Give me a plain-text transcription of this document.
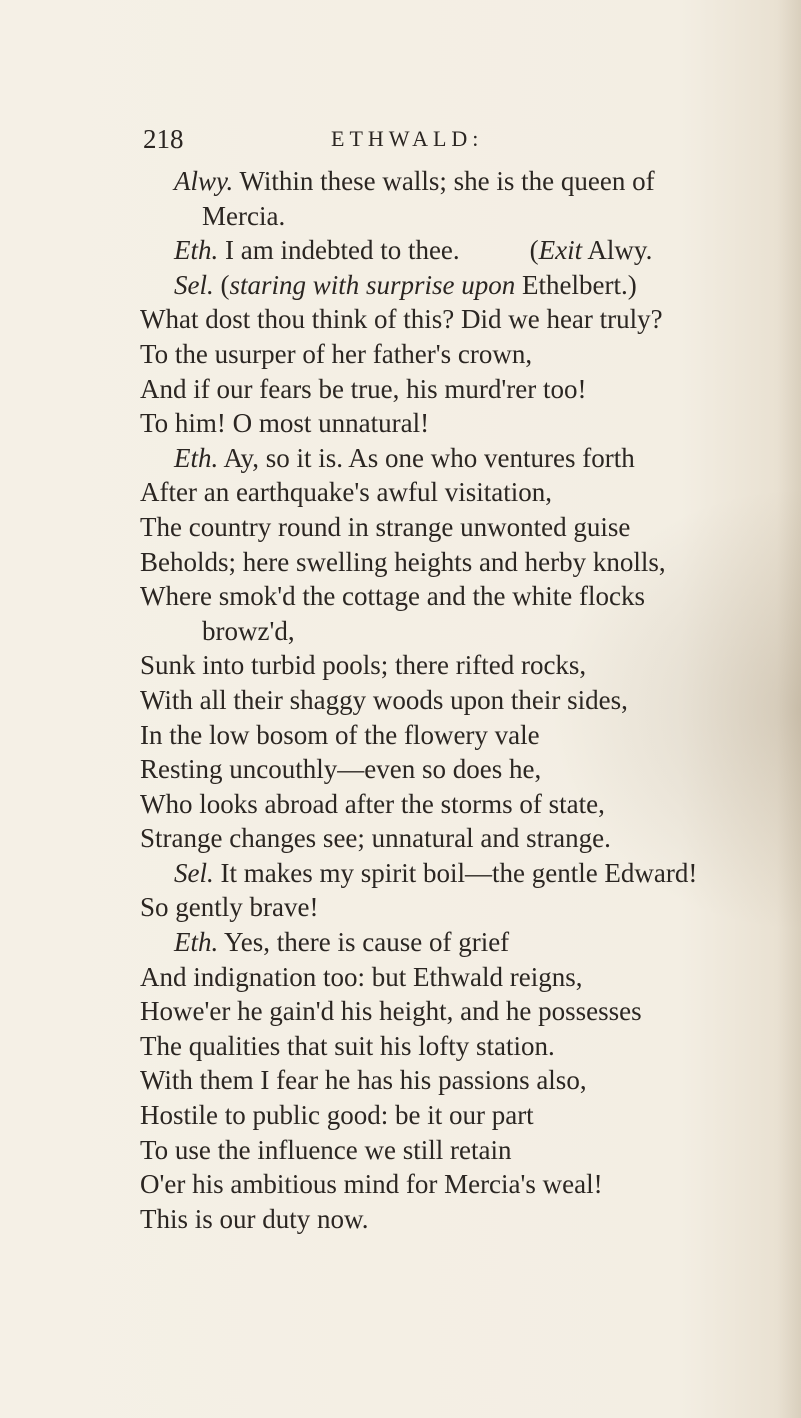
218	ETHWALD:
Alwy. Within these walls; she is the queen of
Mercia.
Eth. I am indebted to thee.	(Exit Alwy.
Sel. (staring with surprise upon Ethelbert.)
What dost thou think of this? Did we hear truly?
To the usurper of her father's crown,
And if our fears be true, his murd'rer too!
To him! O most unnatural!
Eth. Ay, so it is. As one who ventures forth
After an earthquake's awful visitation,
The country round in strange unwonted guise
Beholds; here swelling heights and herby knolls,
Where smok'd the cottage and the white flocks
browz'd,
Sunk into turbid pools; there rifted rocks,
With all their shaggy woods upon their sides,
In the low bosom of the flowery vale
Resting uncouthly—even so does he,
Who looks abroad after the storms of state,
Strange changes see; unnatural and strange.
Sel. It makes my spirit boil—the gentle Edward!
So gently brave!
Eth. Yes, there is cause of grief
And indignation too: but Ethwald reigns,
Howe'er he gain'd his height, and he possesses
The qualities that suit his lofty station.
With them I fear he has his passions also,
Hostile to public good: be it our part
To use the influence we still retain
O'er his ambitious mind for Mercia's weal!
This is our duty now.
